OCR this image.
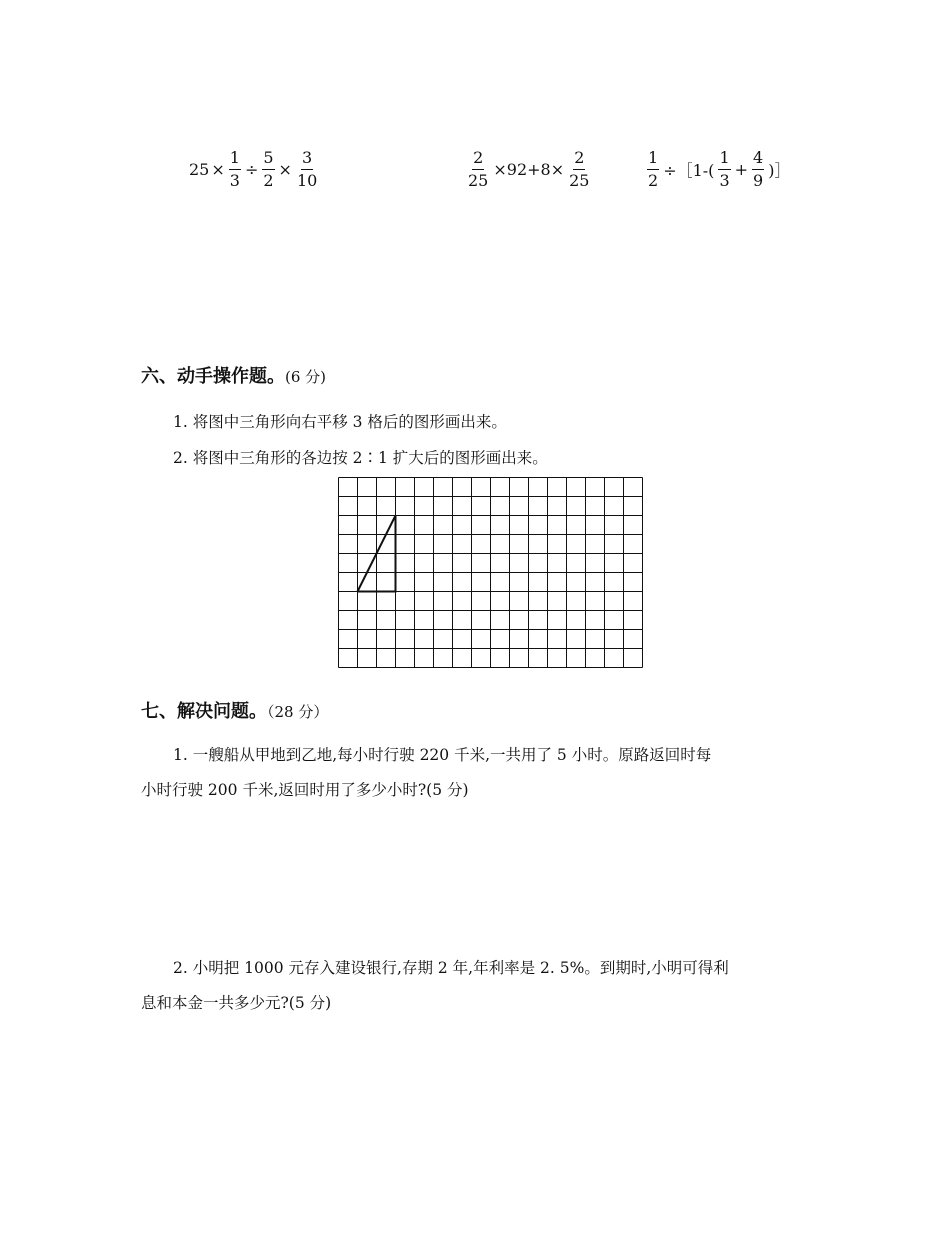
$25 \times \frac{1}{3} \div \frac{5}{2} \times \frac{3}{10}$	$\frac{2}{25} \times 92+8\times \frac{2}{25}$	$\frac{1}{2}$ ÷［1-( $\frac{1}{3} + \frac{4}{9}$ )］
六、动手操作题。(6 分)
1. 将图中三角形向右平移 3 格后的图形画出来。
2. 将图中三角形的各边按 2∶1 扩大后的图形画出来。
七、解决问题。（28 分）
1. 一艘船从甲地到乙地,每小时行驶 220 千米,一共用了 5 小时。原路返回时每
小时行驶 200 千米,返回时用了多少小时?(5 分)
2. 小明把 1000 元存入建设银行,存期 2 年,年利率是 2. 5%。到期时,小明可得利
息和本金一共多少元?(5 分)
